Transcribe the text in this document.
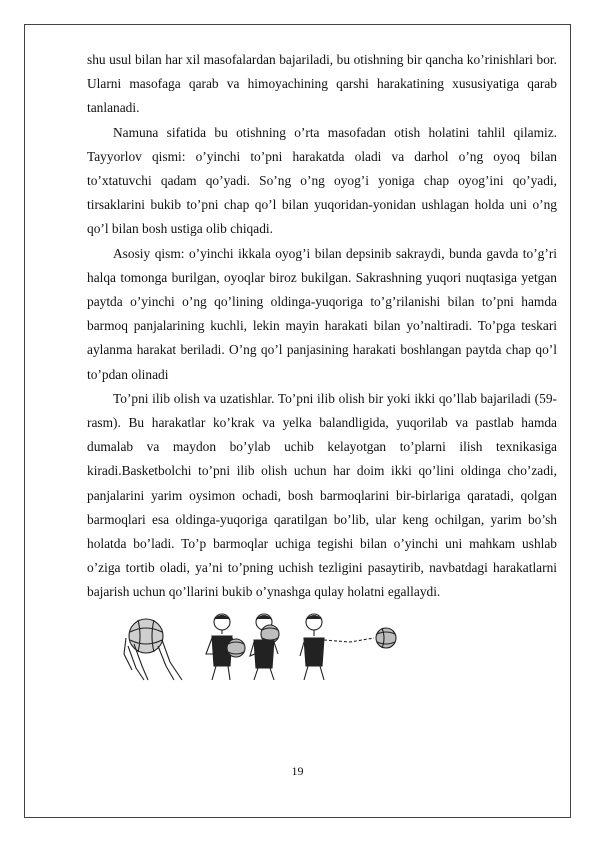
shu usul bilan har xil masofalardan bajariladi, bu otishning bir qancha ko’rinishlari bor. Ularni masofaga qarab va himoyachining qarshi harakatining xususiyatiga qarab tanlanadi.

Namuna sifatida bu otishning o’rta masofadan otish holatini tahlil qilamiz. Tayyorlov qismi: o’yinchi to’pni harakatda oladi va darhol o’ng oyoq bilan to’xtatuvchi qadam qo’yadi. So’ng o’ng oyog’i yoniga chap oyog’ini qo’yadi, tirsaklarini bukib to’pni chap qo’l bilan yuqoridan-yonidan ushlagan holda uni o’ng qo’l bilan bosh ustiga olib chiqadi.

Asosiy qism: o’yinchi ikkala oyog’i bilan depsinib sakraydi, bunda gavda to’g’ri halqa tomonga burilgan, oyoqlar biroz bukilgan. Sakrashning yuqori nuqtasiga yetgan paytda o’yinchi o’ng qo’lining oldinga-yuqoriga to’g’rilanishi bilan to’pni hamda barmoq panjalarining kuchli, lekin mayin harakati bilan yo’naltiradi. To’pga teskari aylanma harakat beriladi. O’ng qo’l panjasining harakati boshlangan paytda chap qo’l to’pdan olinadi

To’pni ilib olish va uzatishlar. To’pni ilib olish bir yoki ikki qo’llab bajariladi (59-rasm). Bu harakatlar ko’krak va yelka balandligida, yuqorilab va pastlab hamda dumalab va maydon bo’ylab uchib kelayotgan to’plarni ilish texnikasiga kiradi.Basketbolchi to’pni ilib olish uchun har doim ikki qo’lini oldinga cho’zadi, panjalarini yarim oysimon ochadi, bosh barmoqlarini bir-birlariga qaratadi, qolgan barmoqlari esa oldinga-yuqoriga qaratilgan bo’lib, ular keng ochilgan, yarim bo’sh holatda bo’ladi. To’p barmoqlar uchiga tegishi bilan o’yinchi uni mahkam ushlab o’ziga tortib oladi, ya’ni to’pning uchish tezligini pasaytirib, navbatdagi harakatlarni bajarish uchun qo’llarini bukib o’ynashga qulay holatni egallaydi.

19
